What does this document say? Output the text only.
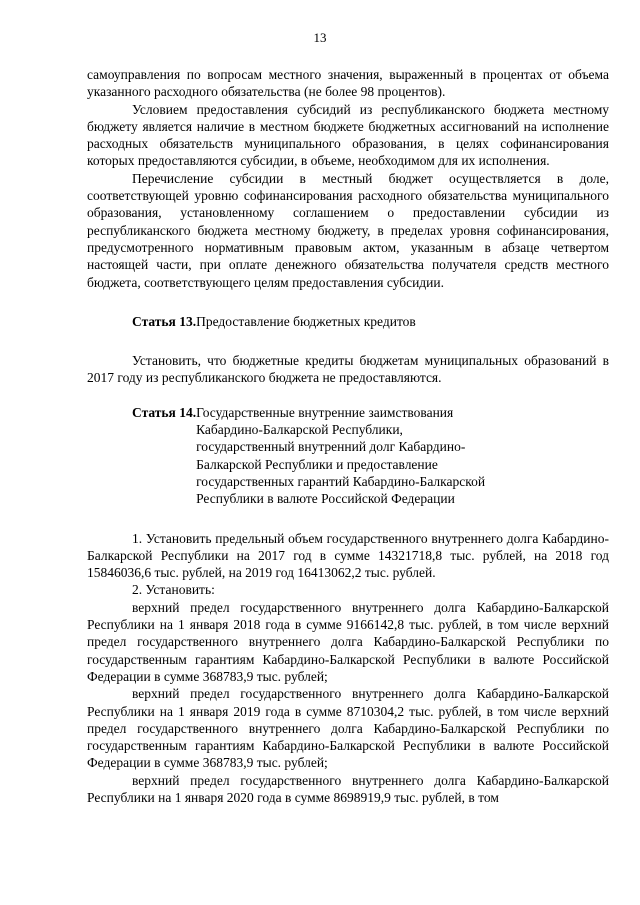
13

самоуправления по вопросам местного значения, выраженный в процентах от объема указанного расходного обязательства (не более 98 процентов).

Условием предоставления субсидий из республиканского бюджета местному бюджету является наличие в местном бюджете бюджетных ассигнований на исполнение расходных обязательств муниципального образования, в целях софинансирования которых предоставляются субсидии, в объеме, необходимом для их исполнения.

Перечисление субсидии в местный бюджет осуществляется в доле, соответствующей уровню софинансирования расходного обязательства муниципального образования, установленному соглашением о предоставлении субсидии из республиканского бюджета местному бюджету, в пределах уровня софинансирования, предусмотренного нормативным правовым актом, указанным в абзаце четвертом настоящей части, при оплате денежного обязательства получателя средств местного бюджета, соответствующего целям предоставления субсидии.

Статья 13. Предоставление бюджетных кредитов

Установить, что бюджетные кредиты бюджетам муниципальных образований в 2017 году из республиканского бюджета не предоставляются.

Статья 14. Государственные внутренние заимствования Кабардино-Балкарской Республики, государственный внутренний долг Кабардино-Балкарской Республики и предоставление государственных гарантий Кабардино-Балкарской Республики в валюте Российской Федерации

1. Установить предельный объем государственного внутреннего долга Кабардино-Балкарской Республики на 2017 год в сумме 14321718,8 тыс. рублей, на 2018 год 15846036,6 тыс. рублей, на 2019 год 16413062,2 тыс. рублей.

2. Установить:

верхний предел государственного внутреннего долга Кабардино-Балкарской Республики на 1 января 2018 года в сумме 9166142,8 тыс. рублей, в том числе верхний предел государственного внутреннего долга Кабардино-Балкарской Республики по государственным гарантиям Кабардино-Балкарской Республики в валюте Российской Федерации в сумме 368783,9 тыс. рублей;

верхний предел государственного внутреннего долга Кабардино-Балкарской Республики на 1 января 2019 года в сумме 8710304,2 тыс. рублей, в том числе верхний предел государственного внутреннего долга Кабардино-Балкарской Республики по государственным гарантиям Кабардино-Балкарской Республики в валюте Российской Федерации в сумме 368783,9 тыс. рублей;

верхний предел государственного внутреннего долга Кабардино-Балкарской Республики на 1 января 2020 года в сумме 8698919,9 тыс. рублей, в том
